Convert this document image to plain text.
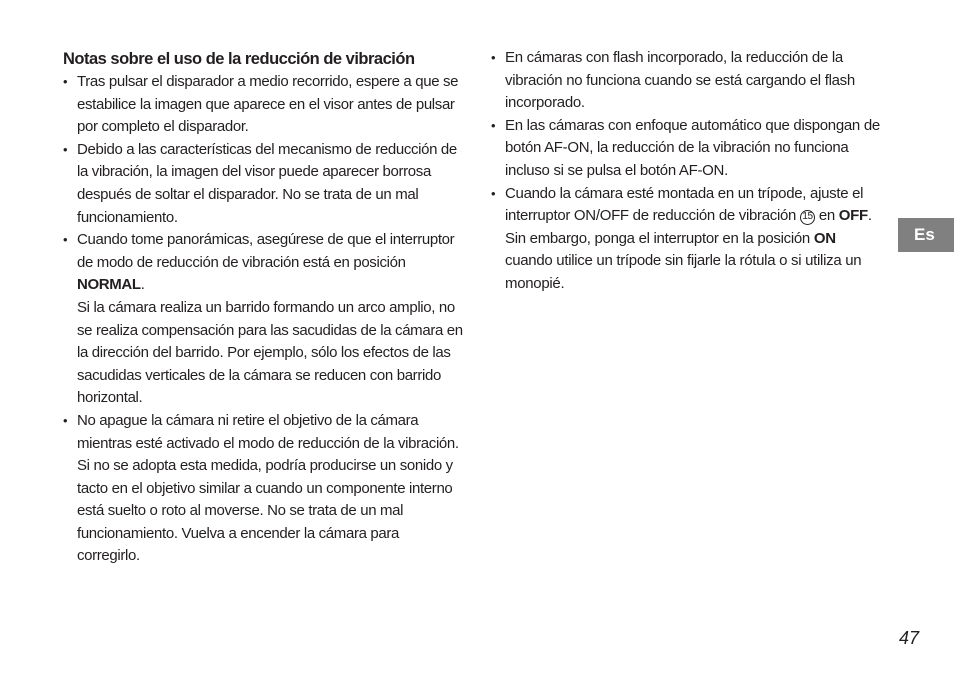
Notas sobre el uso de la reducción de vibración
• Tras pulsar el disparador a medio recorrido, espere a que se estabilice la imagen que aparece en el visor antes de pulsar por completo el disparador.
• Debido a las características del mecanismo de reducción de la vibración, la imagen del visor puede aparecer borrosa después de soltar el disparador. No se trata de un mal funcionamiento.
• Cuando tome panorámicas, asegúrese de que el interruptor de modo de reducción de vibración está en posición NORMAL.
Si la cámara realiza un barrido formando un arco amplio, no se realiza compensación para las sacudidas de la cámara en la dirección del barrido. Por ejemplo, sólo los efectos de las sacudidas verticales de la cámara se reducen con barrido horizontal.
• No apague la cámara ni retire el objetivo de la cámara mientras esté activado el modo de reducción de la vibración. Si no se adopta esta medida, podría producirse un sonido y tacto en el objetivo similar a cuando un componente interno está suelto o roto al moverse. No se trata de un mal funcionamiento. Vuelva a encender la cámara para corregirlo.
• En cámaras con flash incorporado, la reducción de la vibración no funciona cuando se está cargando el flash incorporado.
• En las cámaras con enfoque automático que dispongan de botón AF-ON, la reducción de la vibración no funciona incluso si se pulsa el botón AF-ON.
• Cuando la cámara esté montada en un trípode, ajuste el interruptor ON/OFF de reducción de vibración 15 en OFF. Sin embargo, ponga el interruptor en la posición ON cuando utilice un trípode sin fijarle la rótula o si utiliza un monopié.
Es
47
